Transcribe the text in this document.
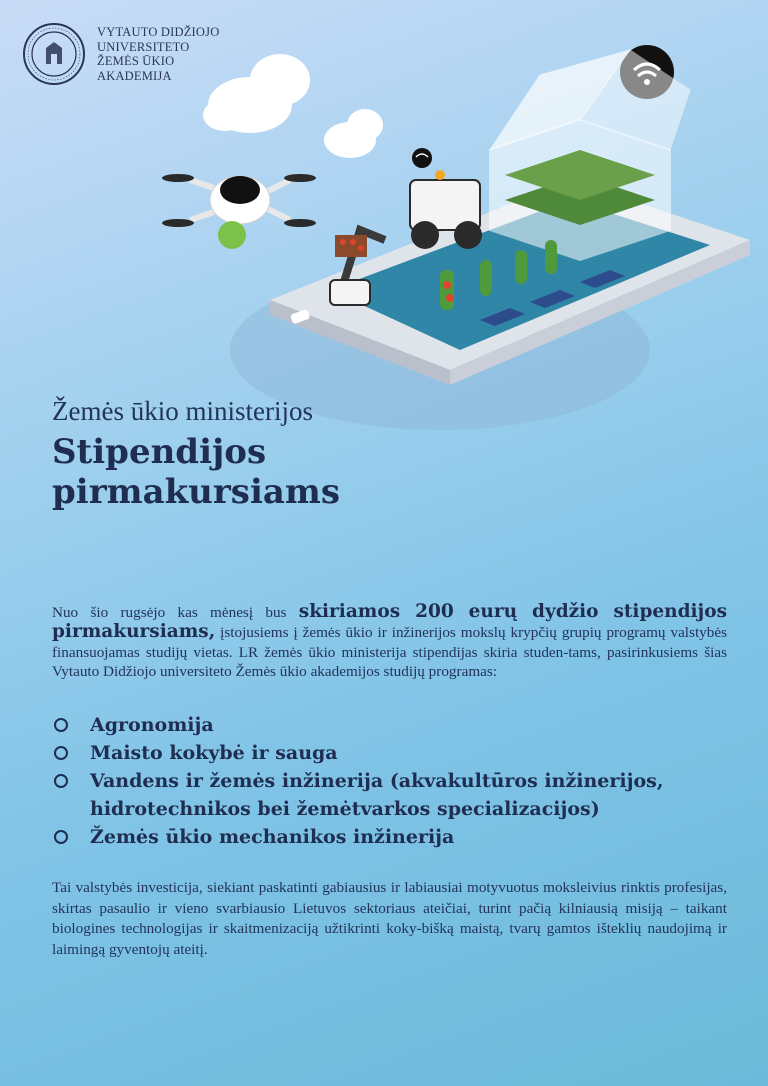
VYTAUTO DIDŽIOJO
UNIVERSITETO
ŽEMĖS ŪKIO
AKADEMIJA
Žemės ūkio ministerijos
Stipendijos
pirmakursiams
Nuo šio rugsėjo kas mėnesį bus skiriamos 200 eurų dydžio stipendijos pirmakursiams, įstojusiems į žemės ūkio ir inžinerijos mokslų krypčių grupių programų valstybės finansuojamas studijų vietas. LR žemės ūkio ministerija stipendijas skiria studen-tams, pasirinkusiems šias Vytauto Didžiojo universiteto Žemės ūkio akademijos studijų programas:
Agronomija
Maisto kokybė ir sauga
Vandens ir žemės inžinerija (akvakultūros inžinerijos,
hidrotechnikos bei žemėtvarkos specializacijos)
Žemės ūkio mechanikos inžinerija
Tai valstybės investicija, siekiant paskatinti gabiausius ir labiausiai motyvuotus moksleivius rinktis profesijas, skirtas pasaulio ir vieno svarbiausio Lietuvos sektoriaus ateičiai, turint pačią kilniausią misiją – taikant biologines technologijas ir skaitmenizaciją užtikrinti koky-bišką maistą, tvarų gamtos išteklių naudojimą ir laimingą gyventojų ateitį.
